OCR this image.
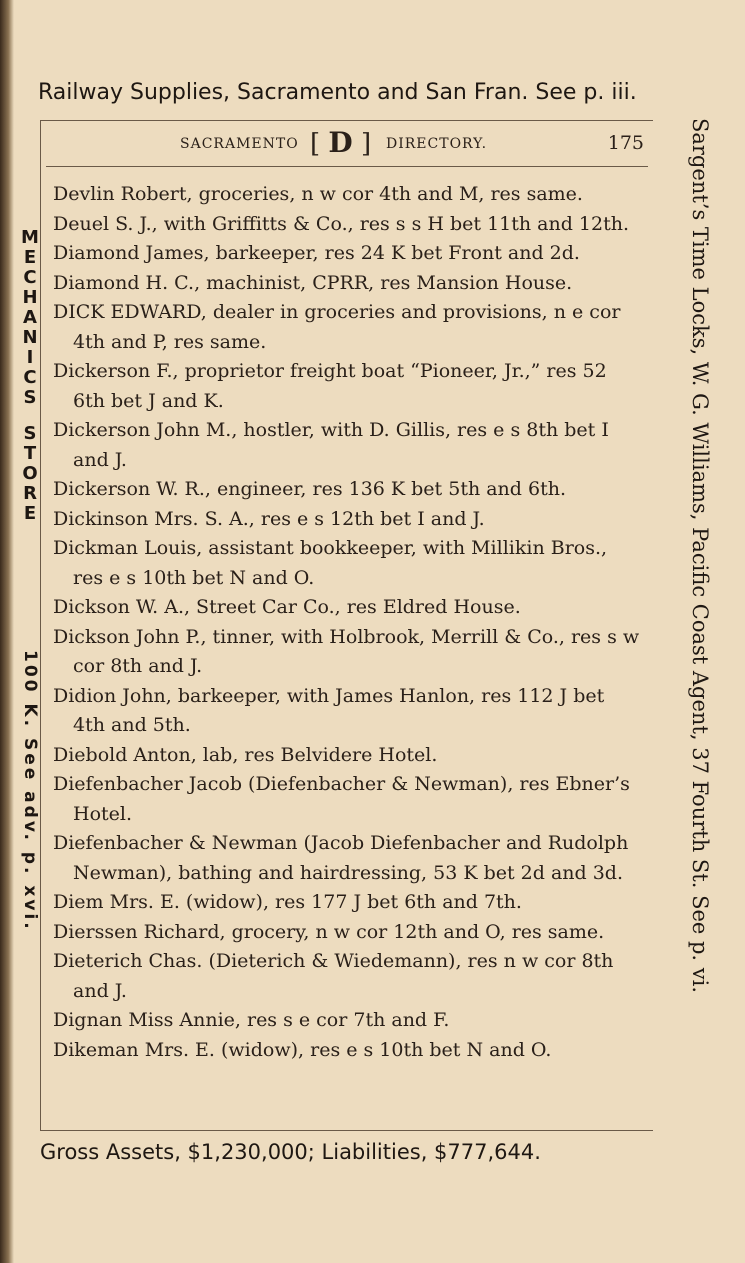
Railway Supplies, Sacramento and San Fran. See p. iii.
SACRAMENTO [ D ] DIRECTORY.	175

Devlin Robert, groceries, n w cor 4th and M, res same.

Deuel S. J., with Griffitts & Co., res s s H bet 11th and 12th.

Diamond James, barkeeper, res 24 K bet Front and 2d.

Diamond H. C., machinist, CPRR, res Mansion House.

DICK EDWARD, dealer in groceries and provisions, n e cor 4th and P, res same.

Dickerson F., proprietor freight boat “Pioneer, Jr.,” res 52 6th bet J and K.

Dickerson John M., hostler, with D. Gillis, res e s 8th bet I and J.

Dickerson W. R., engineer, res 136 K bet 5th and 6th.

Dickinson Mrs. S. A., res e s 12th bet I and J.

Dickman Louis, assistant bookkeeper, with Millikin Bros., res e s 10th bet N and O.

Dickson W. A., Street Car Co., res Eldred House.

Dickson John P., tinner, with Holbrook, Merrill & Co., res s w cor 8th and J.

Didion John, barkeeper, with James Hanlon, res 112 J bet 4th and 5th.

Diebold Anton, lab, res Belvidere Hotel.

Diefenbacher Jacob (Diefenbacher & Newman), res Ebner’s Hotel.

Diefenbacher & Newman (Jacob Diefenbacher and Rudolph Newman), bathing and hairdressing, 53 K bet 2d and 3d.

Diem Mrs. E. (widow), res 177 J bet 6th and 7th.

Dierssen Richard, grocery, n w cor 12th and O, res same.

Dieterich Chas. (Dieterich & Wiedemann), res n w cor 8th and J.

Dignan Miss Annie, res s e cor 7th and F.

Dikeman Mrs. E. (widow), res e s 10th bet N and O.

Gross Assets, $1,230,000; Liabilities, $777,644.
M
E
C
H
A
N
I
C
S
S
T
O
R
E
100 K. See adv. p. xvi.	Sargent’s Time Locks, W. G. Williams, Pacific Coast Agent, 37 Fourth St. See p. vi.
